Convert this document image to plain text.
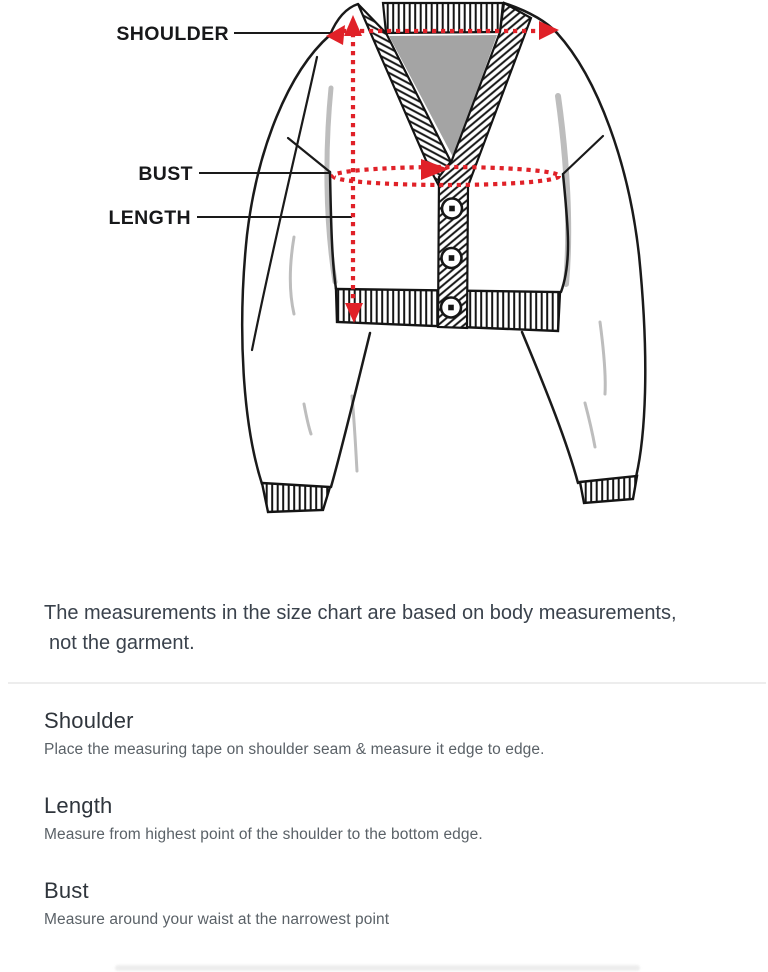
SHOULDER
BUST
LENGTH
The measurements in the size chart are based on body measurements,
not the garment.
Shoulder

Place the measuring tape on shoulder seam & measure it edge to edge.

Length

Measure from highest point of the shoulder to the bottom edge.

Bust

Measure around your waist at the narrowest point
